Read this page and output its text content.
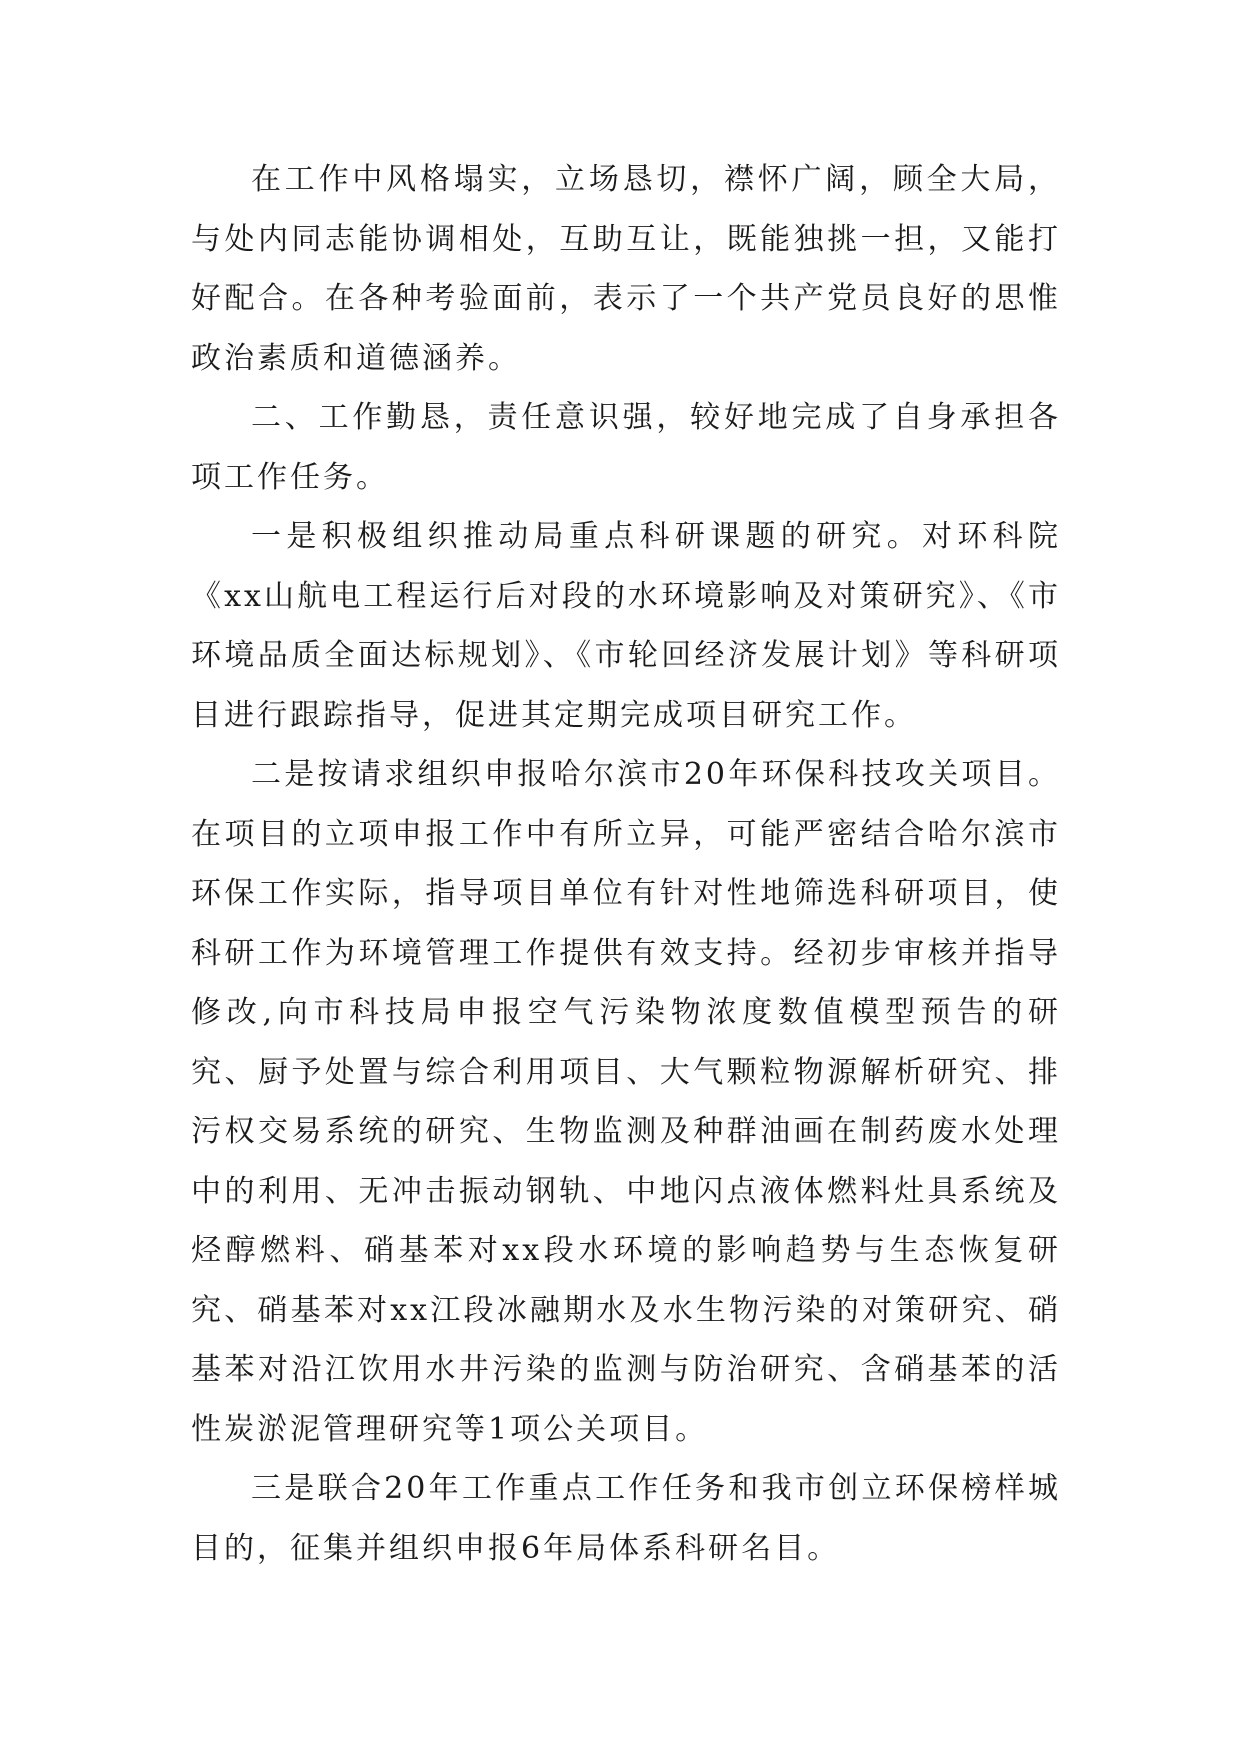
在工作中风格塌实，立场恳切，襟怀广阔，顾全大局，与处内同志能协调相处，互助互让，既能独挑一担，又能打好配合。在各种考验面前，表示了一个共产党员良好的思惟政治素质和道德涵养。

二、工作勤恳，责任意识强，较好地完成了自身承担各项工作任务。

一是积极组织推动局重点科研课题的研究。对环科院《xx山航电工程运行后对段的水环境影响及对策研究》、《市环境品质全面达标规划》、《市轮回经济发展计划》等科研项目进行跟踪指导，促进其定期完成项目研究工作。

二是按请求组织申报哈尔滨市20年环保科技攻关项目。在项目的立项申报工作中有所立异，可能严密结合哈尔滨市环保工作实际，指导项目单位有针对性地筛选科研项目，使科研工作为环境管理工作提供有效支持。经初步审核并指导修改,向市科技局申报空气污染物浓度数值模型预告的研究、厨予处置与综合利用项目、大气颗粒物源解析研究、排污权交易系统的研究、生物监测及种群油画在制药废水处理中的利用、无冲击振动钢轨、中地闪点液体燃料灶具系统及烃醇燃料、硝基苯对xx段水环境的影响趋势与生态恢复研究、硝基苯对xx江段冰融期水及水生物污染的对策研究、硝基苯对沿江饮用水井污染的监测与防治研究、含硝基苯的活性炭淤泥管理研究等1项公关项目。

三是联合20年工作重点工作任务和我市创立环保榜样城目的，征集并组织申报6年局体系科研名目。
